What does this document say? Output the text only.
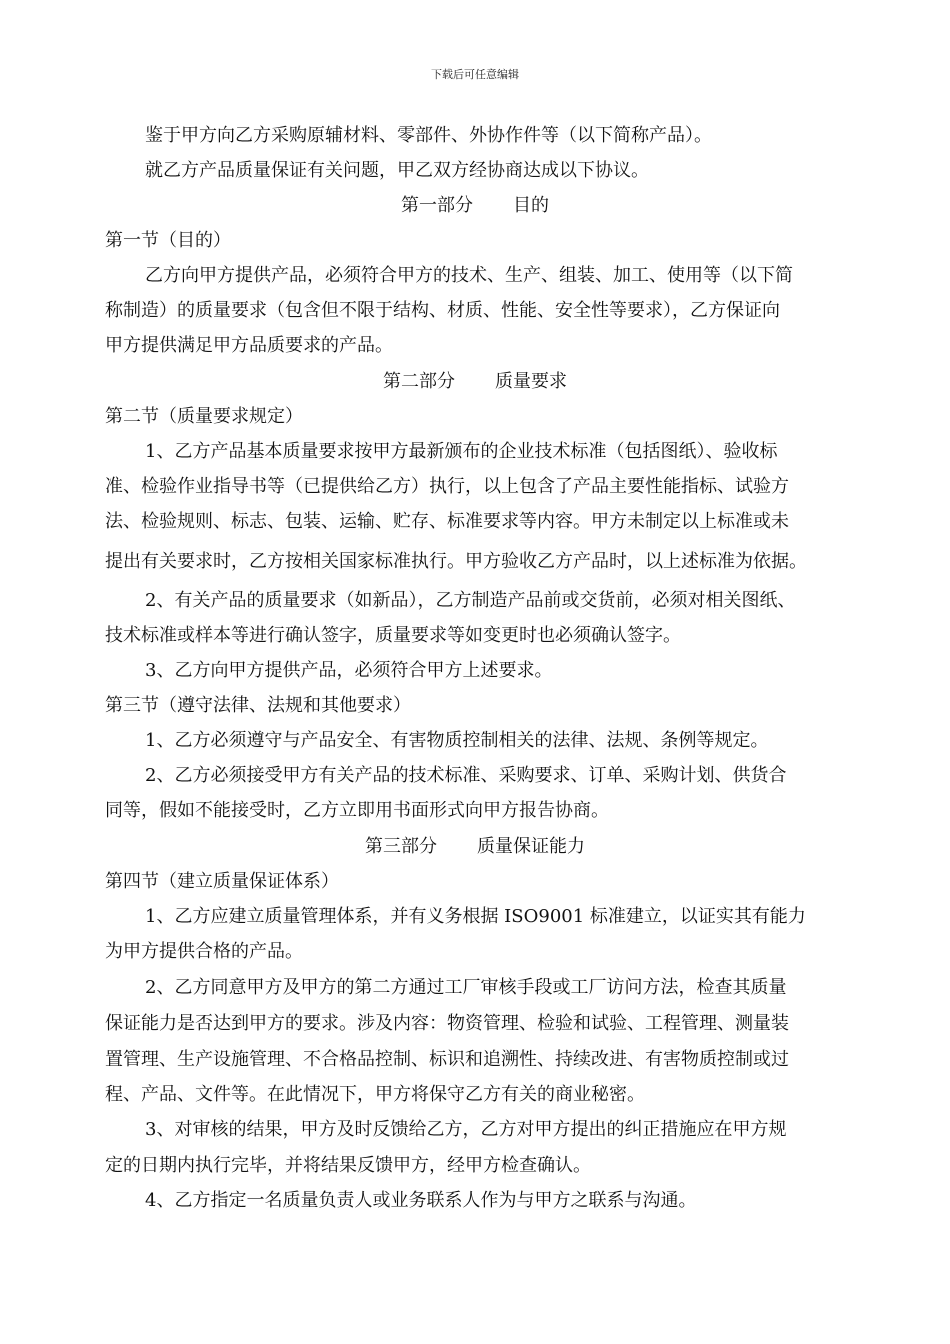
下载后可任意编辑
鉴于甲方向乙方采购原辅材料、零部件、外协作件等（以下简称产品）。
就乙方产品质量保证有关问题，甲乙双方经协商达成以下协议。
第一部分 目的
第一节（目的）
乙方向甲方提供产品，必须符合甲方的技术、生产、组装、加工、使用等（以下简
称制造）的质量要求（包含但不限于结构、材质、性能、安全性等要求），乙方保证向
甲方提供满足甲方品质要求的产品。
第二部分 质量要求
第二节（质量要求规定）
1、乙方产品基本质量要求按甲方最新颁布的企业技术标准（包括图纸）、验收标
准、检验作业指导书等（已提供给乙方）执行，以上包含了产品主要性能指标、试验方
法、检验规则、标志、包装、运输、贮存、标准要求等内容。甲方未制定以上标准或未
提出有关要求时，乙方按相关国家标准执行。甲方验收乙方产品时，以上述标准为依据。
2、有关产品的质量要求（如新品），乙方制造产品前或交货前，必须对相关图纸、
技术标准或样本等进行确认签字，质量要求等如变更时也必须确认签字。
3、乙方向甲方提供产品，必须符合甲方上述要求。
第三节（遵守法律、法规和其他要求）
1、乙方必须遵守与产品安全、有害物质控制相关的法律、法规、条例等规定。
2、乙方必须接受甲方有关产品的技术标准、采购要求、订单、采购计划、供货合
同等，假如不能接受时，乙方立即用书面形式向甲方报告协商。
第三部分 质量保证能力
第四节（建立质量保证体系）
1、乙方应建立质量管理体系，并有义务根据 ISO9001 标准建立，以证实其有能力
为甲方提供合格的产品。
2、乙方同意甲方及甲方的第二方通过工厂审核手段或工厂访问方法，检查其质量
保证能力是否达到甲方的要求。涉及内容：物资管理、检验和试验、工程管理、测量装
置管理、生产设施管理、不合格品控制、标识和追溯性、持续改进、有害物质控制或过
程、产品、文件等。在此情况下，甲方将保守乙方有关的商业秘密。
3、对审核的结果，甲方及时反馈给乙方，乙方对甲方提出的纠正措施应在甲方规
定的日期内执行完毕，并将结果反馈甲方，经甲方检查确认。
4、乙方指定一名质量负责人或业务联系人作为与甲方之联系与沟通。
